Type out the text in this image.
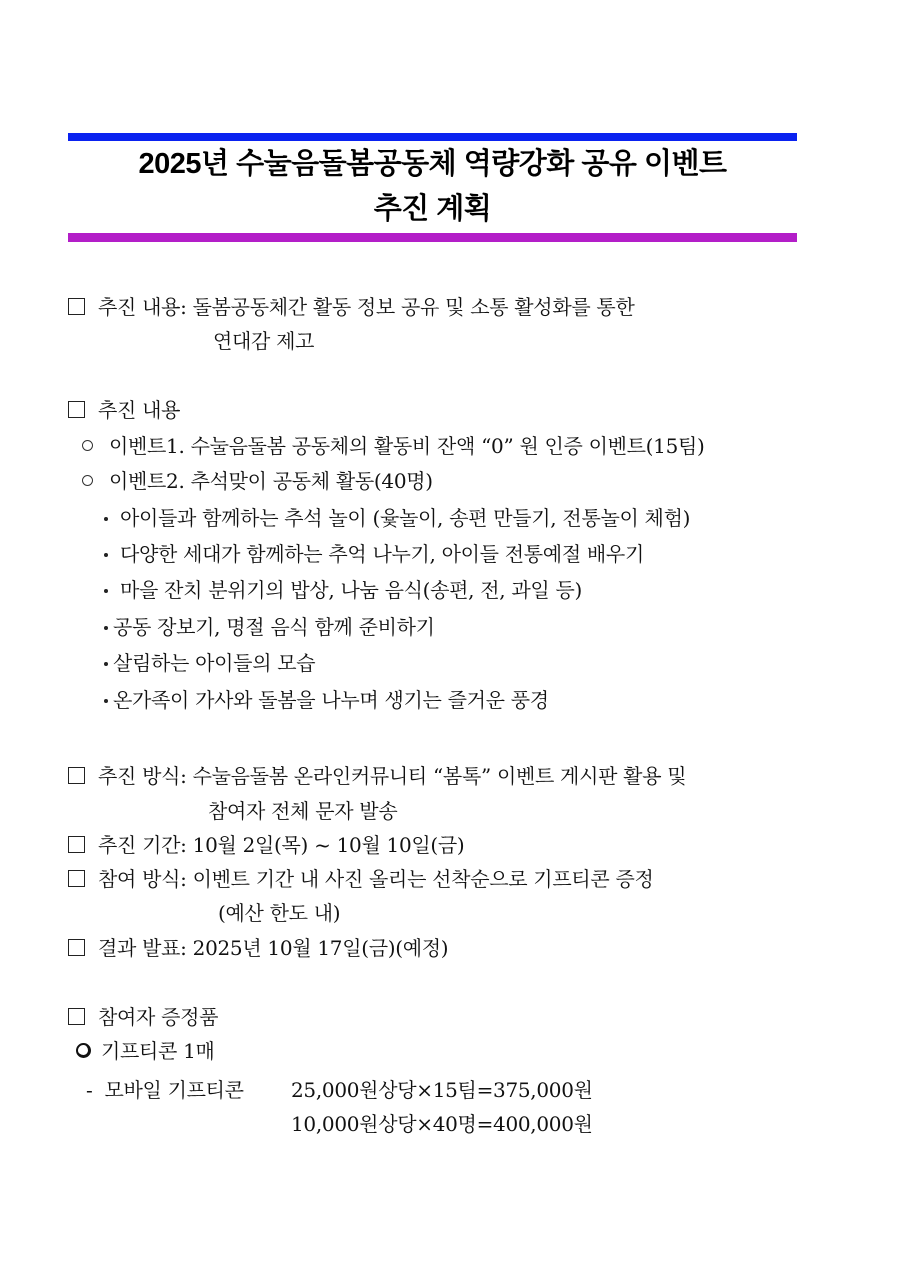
2025년 수눌음돌봄공동체 역량강화 공유 이벤트
추진 계획
추진 내용: 돌봄공동체간 활동 정보 공유 및 소통 활성화를 통한
연대감 제고
추진 내용
이벤트1. 수눌음돌봄 공동체의 활동비 잔액 “0” 원 인증 이벤트(15팀)
이벤트2. 추석맞이 공동체 활동(40명)
아이들과 함께하는 추석 놀이 (윷놀이, 송편 만들기, 전통놀이 체험)
다양한 세대가 함께하는 추억 나누기, 아이들 전통예절 배우기
마을 잔치 분위기의 밥상, 나눔 음식(송편, 전, 과일 등)
공동 장보기, 명절 음식 함께 준비하기
살림하는 아이들의 모습
온가족이 가사와 돌봄을 나누며 생기는 즐거운 풍경
추진 방식: 수눌음돌봄 온라인커뮤니티 “봄톡” 이벤트 게시판 활용 및
참여자 전체 문자 발송
추진 기간: 10월 2일(목) ~ 10월 10일(금)
참여 방식: 이벤트 기간 내 사진 올리는 선착순으로 기프티콘 증정
(예산 한도 내)
결과 발표: 2025년 10월 17일(금)(예정)
참여자 증정품
기프티콘 1매
- 모바일 기프티콘 25,000원상당×15팀=375,000원
10,000원상당×40명=400,000원
